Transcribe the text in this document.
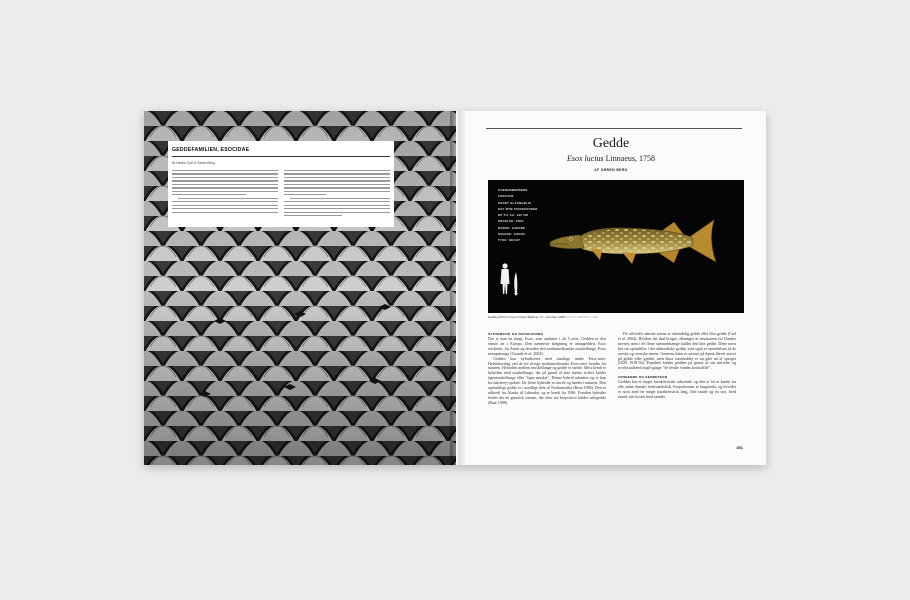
GEDDEFAMILIEN, ESOCIDAE
Af Henrik Carl & Søren Berg
Gedde
Esox lucius Linnaeus, 1758
AF SØREN BERG
SJÆNDSBENDEBE
FORSVAR
OKSET SLAGNHELIE
KSY ØTM KVINDGRVEER
OP TIL CA. 130 CM
ENGELSK: PIKE
NORSK: GJEDDE
SVENSK: GÄDDA
TYSK: HECHT
Gedde på 53 cm fra en innsø i Ballerup, 27. november 2009. FOTO: HENRIK CARL
SYSTEMATIK OG NAVNGIVNING

Der er kun én slægt, Esox, som omfatter i alt 5 arter. Gedden er den eneste art i Europa. Den nærmeste slægtning er amurgedden, Esox reichertii, fra Asien og desuden den nordamerikanske muskellunge, Esox masquinongy (Grande et al. 2004).

Gedden kan hybridiseres med samtlige andre Esox-arter. Hybridisering ved de tre øvrige nordamerikanske Esox-arter kendes fra naturen. Hybriden mellem muskellunge og gedde er sterile. Mest kendt er hybriden med muskellunge, der på grund af sine stærke striber kaldes tigermuskellunge eller "tiger muskie". Denne hybrid udsættes og er kun fra hatchery-opdræt. De fleste hybrider er sterile og fundet i naturen. Den oprindelige gedde er i nordlige dele af Nordamerika (Rose 1986). Den er udbredt fra Alaska til Labrador, og er kendt fra 1986. Foruden hybrider findes der en genetisk variant, der efter sin kropsfarve kaldes sølvgedde (Raat 1988).

De officielle danske navne er almindelig gedde eller blot gedde (Carl et al. 2004). Hvilken der skal bruges, afhænger af situationen (se Danske navne), men i de fleste sammenhænge kaldes den blot gedde. Dette navn har sin oprindelse i det oldnordiske gedda, som også er oprindelsen til de norske og svenske navne. Gennem tiden er navnet på dansk blevet stavet på gedde eller gjedde, men disse stavemåder er nu gået ud af sproget (ODS 1918-56). Populært kaldes gedden på grund af sin størrelse og rovdyrsadfærd nogle gange "de ferske vandes krokodille".

UDSEENDE OG KENDETEGN

Gedden har et meget karakteristisk udseende, og den er let at kende fra alle andre danske ferskvandsfisk. Kropsformen er langstrakt, og hovedet er stort med en meget karakteristisk lang, flad snude og en stor, bred mund, når bosset med tænder.

351
